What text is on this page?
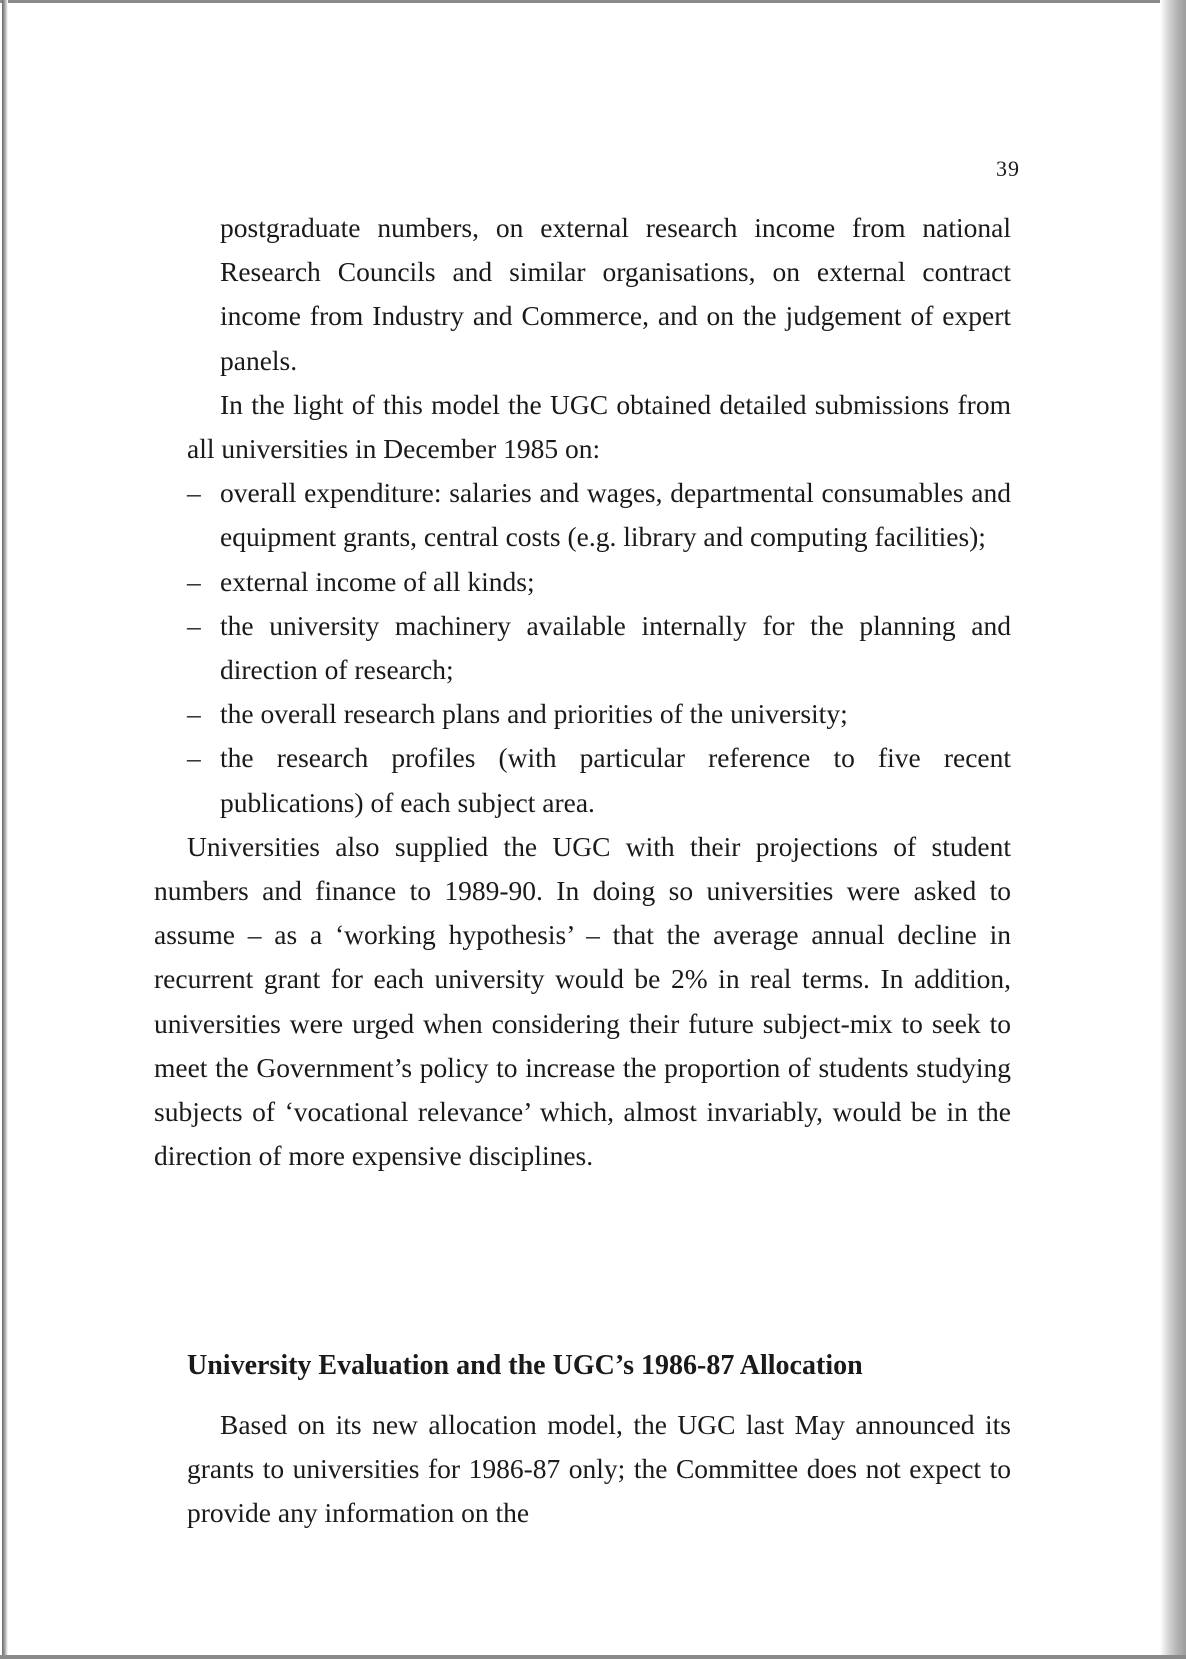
39

postgraduate numbers, on external research income from national Research Councils and similar organisations, on external contract income from Industry and Commerce, and on the judgement of expert panels.

In the light of this model the UGC obtained detailed submissions from all universities in December 1985 on:

– overall expenditure: salaries and wages, departmental consumables and equipment grants, central costs (e.g. library and computing facilities);
– external income of all kinds;
– the university machinery available internally for the planning and direction of research;
– the overall research plans and priorities of the university;
– the research profiles (with particular reference to five recent publications) of each subject area.

Universities also supplied the UGC with their projections of student numbers and finance to 1989-90. In doing so universities were asked to assume – as a ‘working hypothesis’ – that the average annual decline in recurrent grant for each university would be 2% in real terms. In addition, universities were urged when considering their future subject-mix to seek to meet the Government’s policy to increase the proportion of students studying subjects of ‘vocational relevance’ which, almost invariably, would be in the direction of more expensive disciplines.

University Evaluation and the UGC’s 1986-87 Allocation

Based on its new allocation model, the UGC last May announced its grants to universities for 1986-87 only; the Committee does not expect to provide any information on the
